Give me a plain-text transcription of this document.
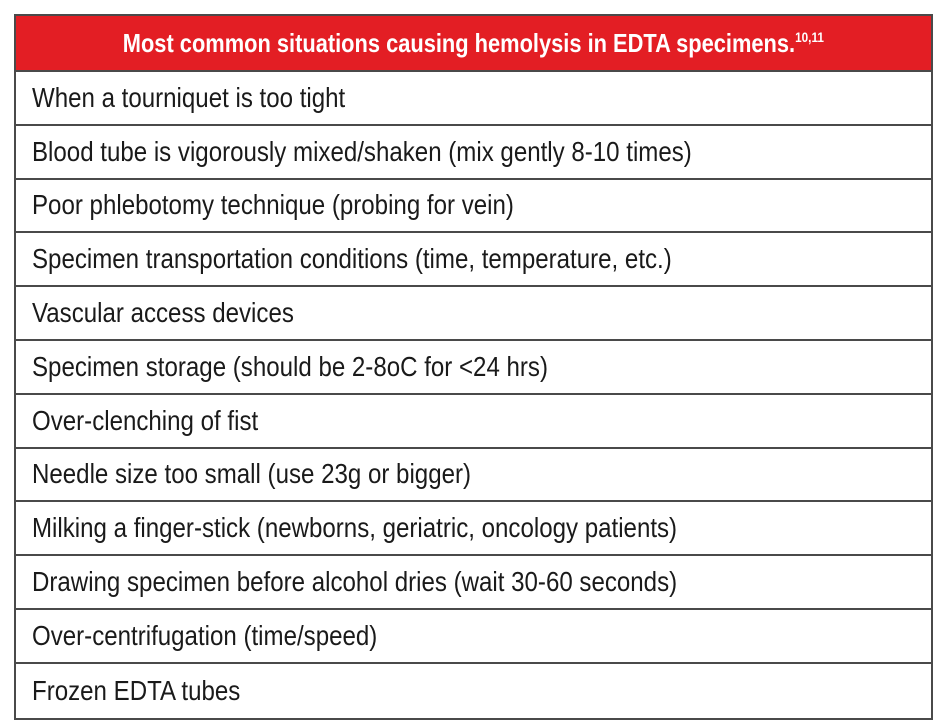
Most common situations causing hemolysis in EDTA specimens.$^{10,11}$
When a tourniquet is too tight
Blood tube is vigorously mixed/shaken (mix gently 8-10 times)
Poor phlebotomy technique (probing for vein)
Specimen transportation conditions (time, temperature, etc.)
Vascular access devices
Specimen storage (should be 2-8oC for <24 hrs)
Over-clenching of fist
Needle size too small (use 23g or bigger)
Milking a finger-stick (newborns, geriatric, oncology patients)
Drawing specimen before alcohol dries (wait 30-60 seconds)
Over-centrifugation (time/speed)
Frozen EDTA tubes
